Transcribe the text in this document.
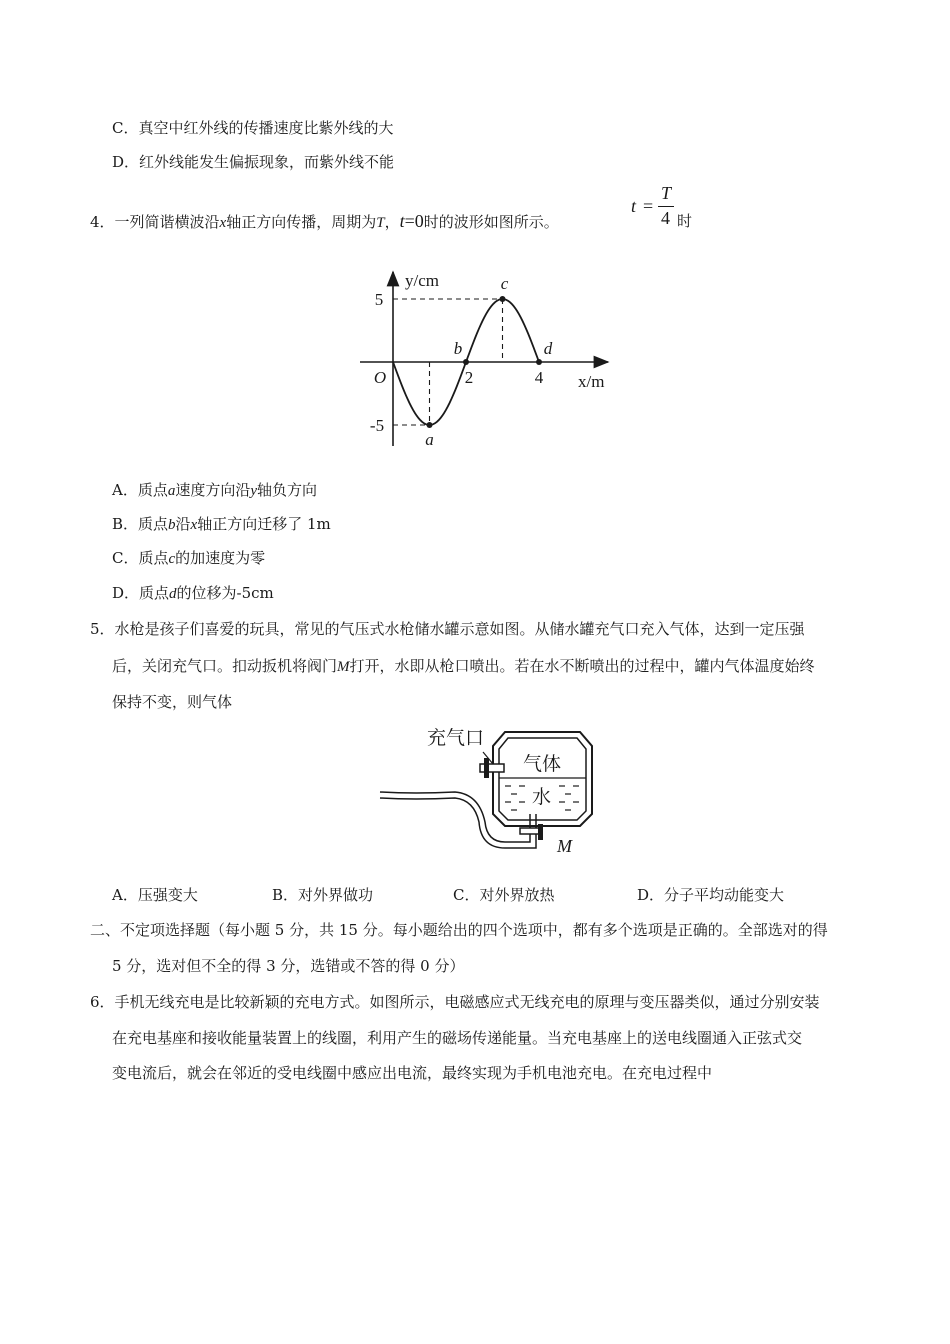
C．真空中红外线的传播速度比紫外线的大
D．红外线能发生偏振现象，而紫外线不能
4．一列简谐横波沿x轴正方向传播，周期为T，t=0时的波形如图所示。
t =
T
4 时
y/cm
x/m
O	2	4
5
-5
a
b
c
d
A．质点a速度方向沿y轴负方向
B．质点b沿x轴正方向迁移了 1m
C．质点c的加速度为零
D．质点d的位移为-5cm
5．水枪是孩子们喜爱的玩具，常见的气压式水枪储水罐示意如图。从储水罐充气口充入气体，达到一定压强
后，关闭充气口。扣动扳机将阀门M打开，水即从枪口喷出。若在水不断喷出的过程中，罐内气体温度始终
保持不变，则气体
充气口
气体
水
M
A．压强变大	B．对外界做功	C．对外界放热	D．分子平均动能变大
二、不定项选择题（每小题 5 分，共 15 分。每小题给出的四个选项中，都有多个选项是正确的。全部选对的得
5 分，选对但不全的得 3 分，选错或不答的得 0 分）
6．手机无线充电是比较新颖的充电方式。如图所示，电磁感应式无线充电的原理与变压器类似，通过分别安装
在充电基座和接收能量装置上的线圈，利用产生的磁场传递能量。当充电基座上的送电线圈通入正弦式交
变电流后，就会在邻近的受电线圈中感应出电流，最终实现为手机电池充电。在充电过程中
